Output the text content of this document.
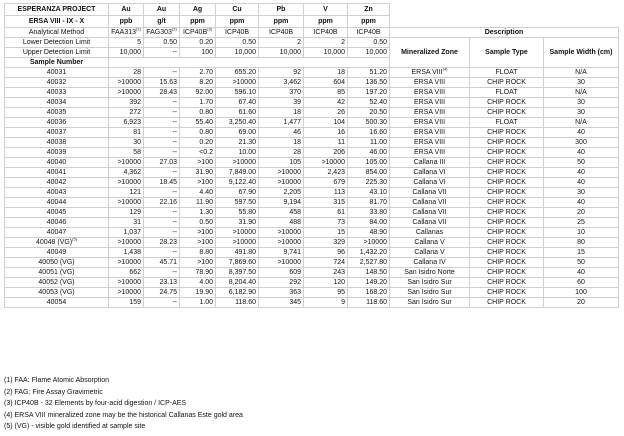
ESPERANZA PROJECT	Au	Au	Ag	Cu	Pb	V	Zn			
ERSA VIII - IX - X	ppb	g/t	ppm	ppm	ppm	ppm	ppm			
Analytical Method	FAA313$^{(1)}$	FAG303$^{(2)}$	$ICP40B^{(3)}$	ICP40B	ICP40B	ICP40B	ICP40B	Description		
Lower Detection Limit	5	0.50	0.20	0.50	2	2	0.50	Mineralized Zone	Sample Type	Sample Width (cm)
Upper Detection Limit	10,000	--	100	10,000	10,000	10,000	10,000			
Sample Number										
40031	28	--	2.70	655.20	92	18	51.20	ERSA VIII$^{(4)}$	FLOAT	N/A
40032	>10000	15.63	8.20	>10000	3,462	604	136.50	ERSA VIII	CHIP ROCK	30
40033	>10000	28.43	92.00	596.10	370	85	197.20	ERSA VIII	FLOAT	N/A
40034	392	--	1.70	67.40	39	42	52.40	ERSA VIII	CHIP ROCK	30
40035	272	--	0.80	61.60	18	26	20.50	ERSA VIII	CHIP ROCK	30
40036	6,923	--	55.40	3,250.40	1,477	104	500.30	ERSA VIII	FLOAT	N/A
40037	81	--	0.80	69.00	46	16	16.60	ERSA VIII	CHIP ROCK	40
40038	30	--	0.20	21.30	18	11	11.00	ERSA VIII	CHIP ROCK	300
40039	58	--	<0.2	10.00	28	206	46.00	ERSA VIII	CHIP ROCK	40
40040	>10000	27.03	>100	>10000	105	>10000	105.00	Callana III	CHIP ROCK	50
40041	4,362	--	31.90	7,849.00	>10000	2,423	854.00	Callana VI	CHIP ROCK	40
40042	>10000	18.45	>100	9,122.40	>10000	679	225.30	Callana VI	CHIP ROCK	40
40043	121	--	4.40	67.90	2,205	113	43.10	Callana VII	CHIP ROCK	30
40044	>10000	22.16	11.90	597.50	9,194	315	81.70	Callana VII	CHIP ROCK	40
40045	129	--	1.30	55.80	458	61	33.80	Callana VII	CHIP ROCK	20
40046	31	--	0.50	31.90	488	73	84.00	Callana VII	CHIP ROCK	25
40047	1,037	--	>100	>10000	>10000	15	48.90	Callanas	CHIP ROCK	10
40048 (VG)$^{(5)}$	>10000	28.23	>100	>10000	>10000	329	>10000	Callana V	CHIP ROCK	80
40049	1,438	--	8.80	491.80	9,741	96	1,432.20	Callana V	CHIP ROCK	15
40050 (VG)	>10000	45.71	>100	7,869.60	>10000	724	2,527.80	Callana IV	CHIP ROCK	50
40051 (VG)	662	--	78.90	8,397.50	609	243	148.50	San Isidro Norte	CHIP ROCK	40
40052 (VG)	>10000	23.13	4.00	8,204.40	292	120	149.20	San Isidro Sur	CHIP ROCK	60
40053 (VG)	>10000	24.75	19.90	6,182.90	363	95	168.20	San Isidro Sur	CHIP ROCK	100
40054	159	--	1.00	118.60	345	9	118.60	San Isidro Sur	CHIP ROCK	20
(1) FAA: Flame Atomic Absorption
(2) FAG: Fire Assay Gravimetric
(3) ICP40B - 32 Elements by four-acid digestion / ICP-AES
(4) ERSA VIII mineralized zone may be the historical Callanas Este gold area
(5) (VG) - visible gold identified at sample site
